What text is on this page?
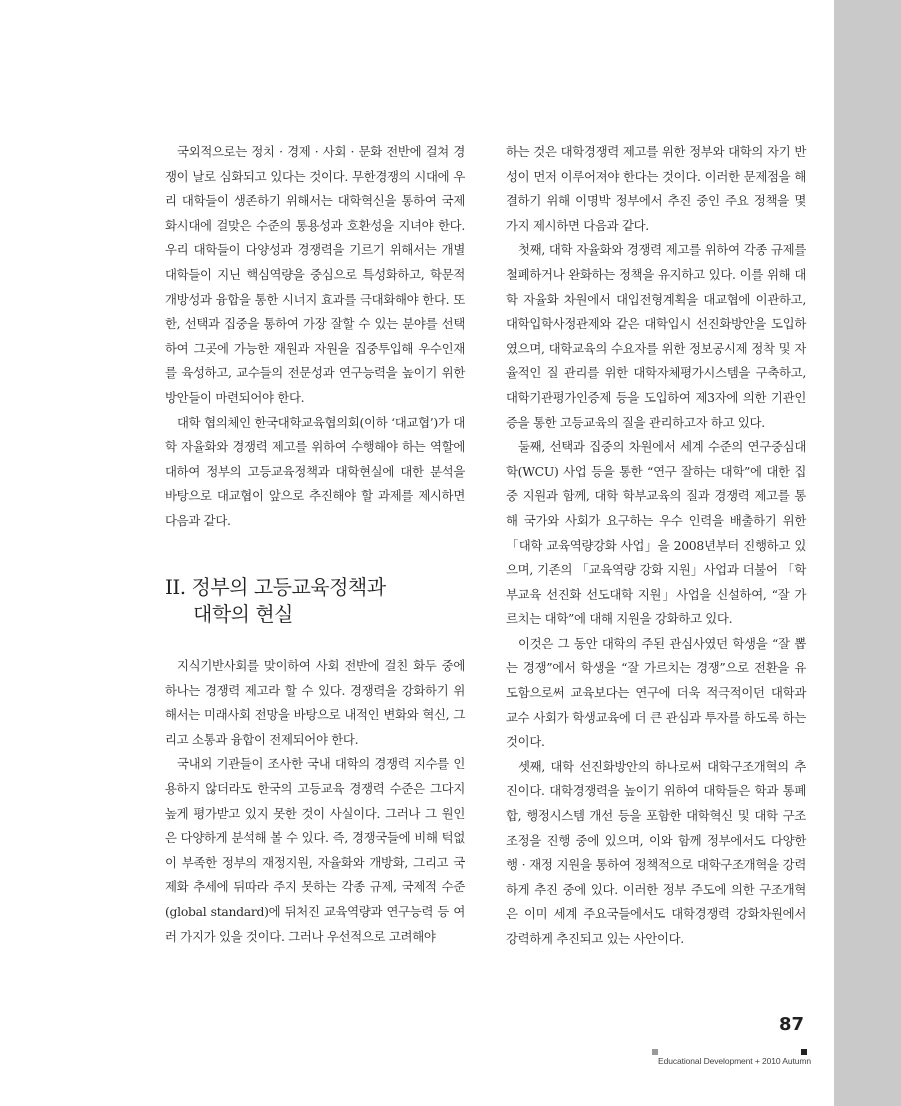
국외적으로는 정치 · 경제 · 사회 · 문화 전반에 걸쳐 경쟁이 날로 심화되고 있다는 것이다. 무한경쟁의 시대에 우리 대학들이 생존하기 위해서는 대학혁신을 통하여 국제화시대에 걸맞은 수준의 통용성과 호환성을 지녀야 한다. 우리 대학들이 다양성과 경쟁력을 기르기 위해서는 개별 대학들이 지닌 핵심역량을 중심으로 특성화하고, 학문적 개방성과 융합을 통한 시너지 효과를 극대화해야 한다. 또한, 선택과 집중을 통하여 가장 잘할 수 있는 분야를 선택하여 그곳에 가능한 재원과 자원을 집중투입해 우수인재를 육성하고, 교수들의 전문성과 연구능력을 높이기 위한 방안들이 마련되어야 한다.

대학 협의체인 한국대학교육협의회(이하 ‘대교협’)가 대학 자율화와 경쟁력 제고를 위하여 수행해야 하는 역할에 대하여 정부의 고등교육정책과 대학현실에 대한 분석을 바탕으로 대교협이 앞으로 추진해야 할 과제를 제시하면 다음과 같다.

II. 정부의 고등교육정책과
대학의 현실

지식기반사회를 맞이하여 사회 전반에 걸친 화두 중에 하나는 경쟁력 제고라 할 수 있다. 경쟁력을 강화하기 위해서는 미래사회 전망을 바탕으로 내적인 변화와 혁신, 그리고 소통과 융합이 전제되어야 한다.

국내외 기관들이 조사한 국내 대학의 경쟁력 지수를 인용하지 않더라도 한국의 고등교육 경쟁력 수준은 그다지 높게 평가받고 있지 못한 것이 사실이다. 그러나 그 원인은 다양하게 분석해 볼 수 있다. 즉, 경쟁국들에 비해 턱없이 부족한 정부의 재정지원, 자율화와 개방화, 그리고 국제화 추세에 뒤따라 주지 못하는 각종 규제, 국제적 수준(global standard)에 뒤처진 교육역량과 연구능력 등 여러 가지가 있을 것이다. 그러나 우선적으로 고려해야

하는 것은 대학경쟁력 제고를 위한 정부와 대학의 자기 반성이 먼저 이루어져야 한다는 것이다. 이러한 문제점을 해결하기 위해 이명박 정부에서 추진 중인 주요 정책을 몇 가지 제시하면 다음과 같다.

첫째, 대학 자율화와 경쟁력 제고를 위하여 각종 규제를 철폐하거나 완화하는 정책을 유지하고 있다. 이를 위해 대학 자율화 차원에서 대입전형계획을 대교협에 이관하고, 대학입학사정관제와 같은 대학입시 선진화방안을 도입하였으며, 대학교육의 수요자를 위한 정보공시제 정착 및 자율적인 질 관리를 위한 대학자체평가시스템을 구축하고, 대학기관평가인증제 등을 도입하여 제3자에 의한 기관인증을 통한 고등교육의 질을 관리하고자 하고 있다.

둘째, 선택과 집중의 차원에서 세계 수준의 연구중심대학(WCU) 사업 등을 통한 “연구 잘하는 대학”에 대한 집중 지원과 함께, 대학 학부교육의 질과 경쟁력 제고를 통해 국가와 사회가 요구하는 우수 인력을 배출하기 위한 「대학 교육역량강화 사업」을 2008년부터 진행하고 있으며, 기존의 「교육역량 강화 지원」사업과 더불어 「학부교육 선진화 선도대학 지원」사업을 신설하여, “잘 가르치는 대학”에 대해 지원을 강화하고 있다.

이것은 그 동안 대학의 주된 관심사였던 학생을 “잘 뽑는 경쟁”에서 학생을 “잘 가르치는 경쟁”으로 전환을 유도함으로써 교육보다는 연구에 더욱 적극적이던 대학과 교수 사회가 학생교육에 더 큰 관심과 투자를 하도록 하는 것이다.

셋째, 대학 선진화방안의 하나로써 대학구조개혁의 추진이다. 대학경쟁력을 높이기 위하여 대학들은 학과 통폐합, 행정시스템 개선 등을 포함한 대학혁신 및 대학 구조조정을 진행 중에 있으며, 이와 함께 정부에서도 다양한 행 · 재정 지원을 통하여 정책적으로 대학구조개혁을 강력하게 추진 중에 있다. 이러한 정부 주도에 의한 구조개혁은 이미 세계 주요국들에서도 대학경쟁력 강화차원에서 강력하게 추진되고 있는 사안이다.

87
Educational Development + 2010 Autumn
